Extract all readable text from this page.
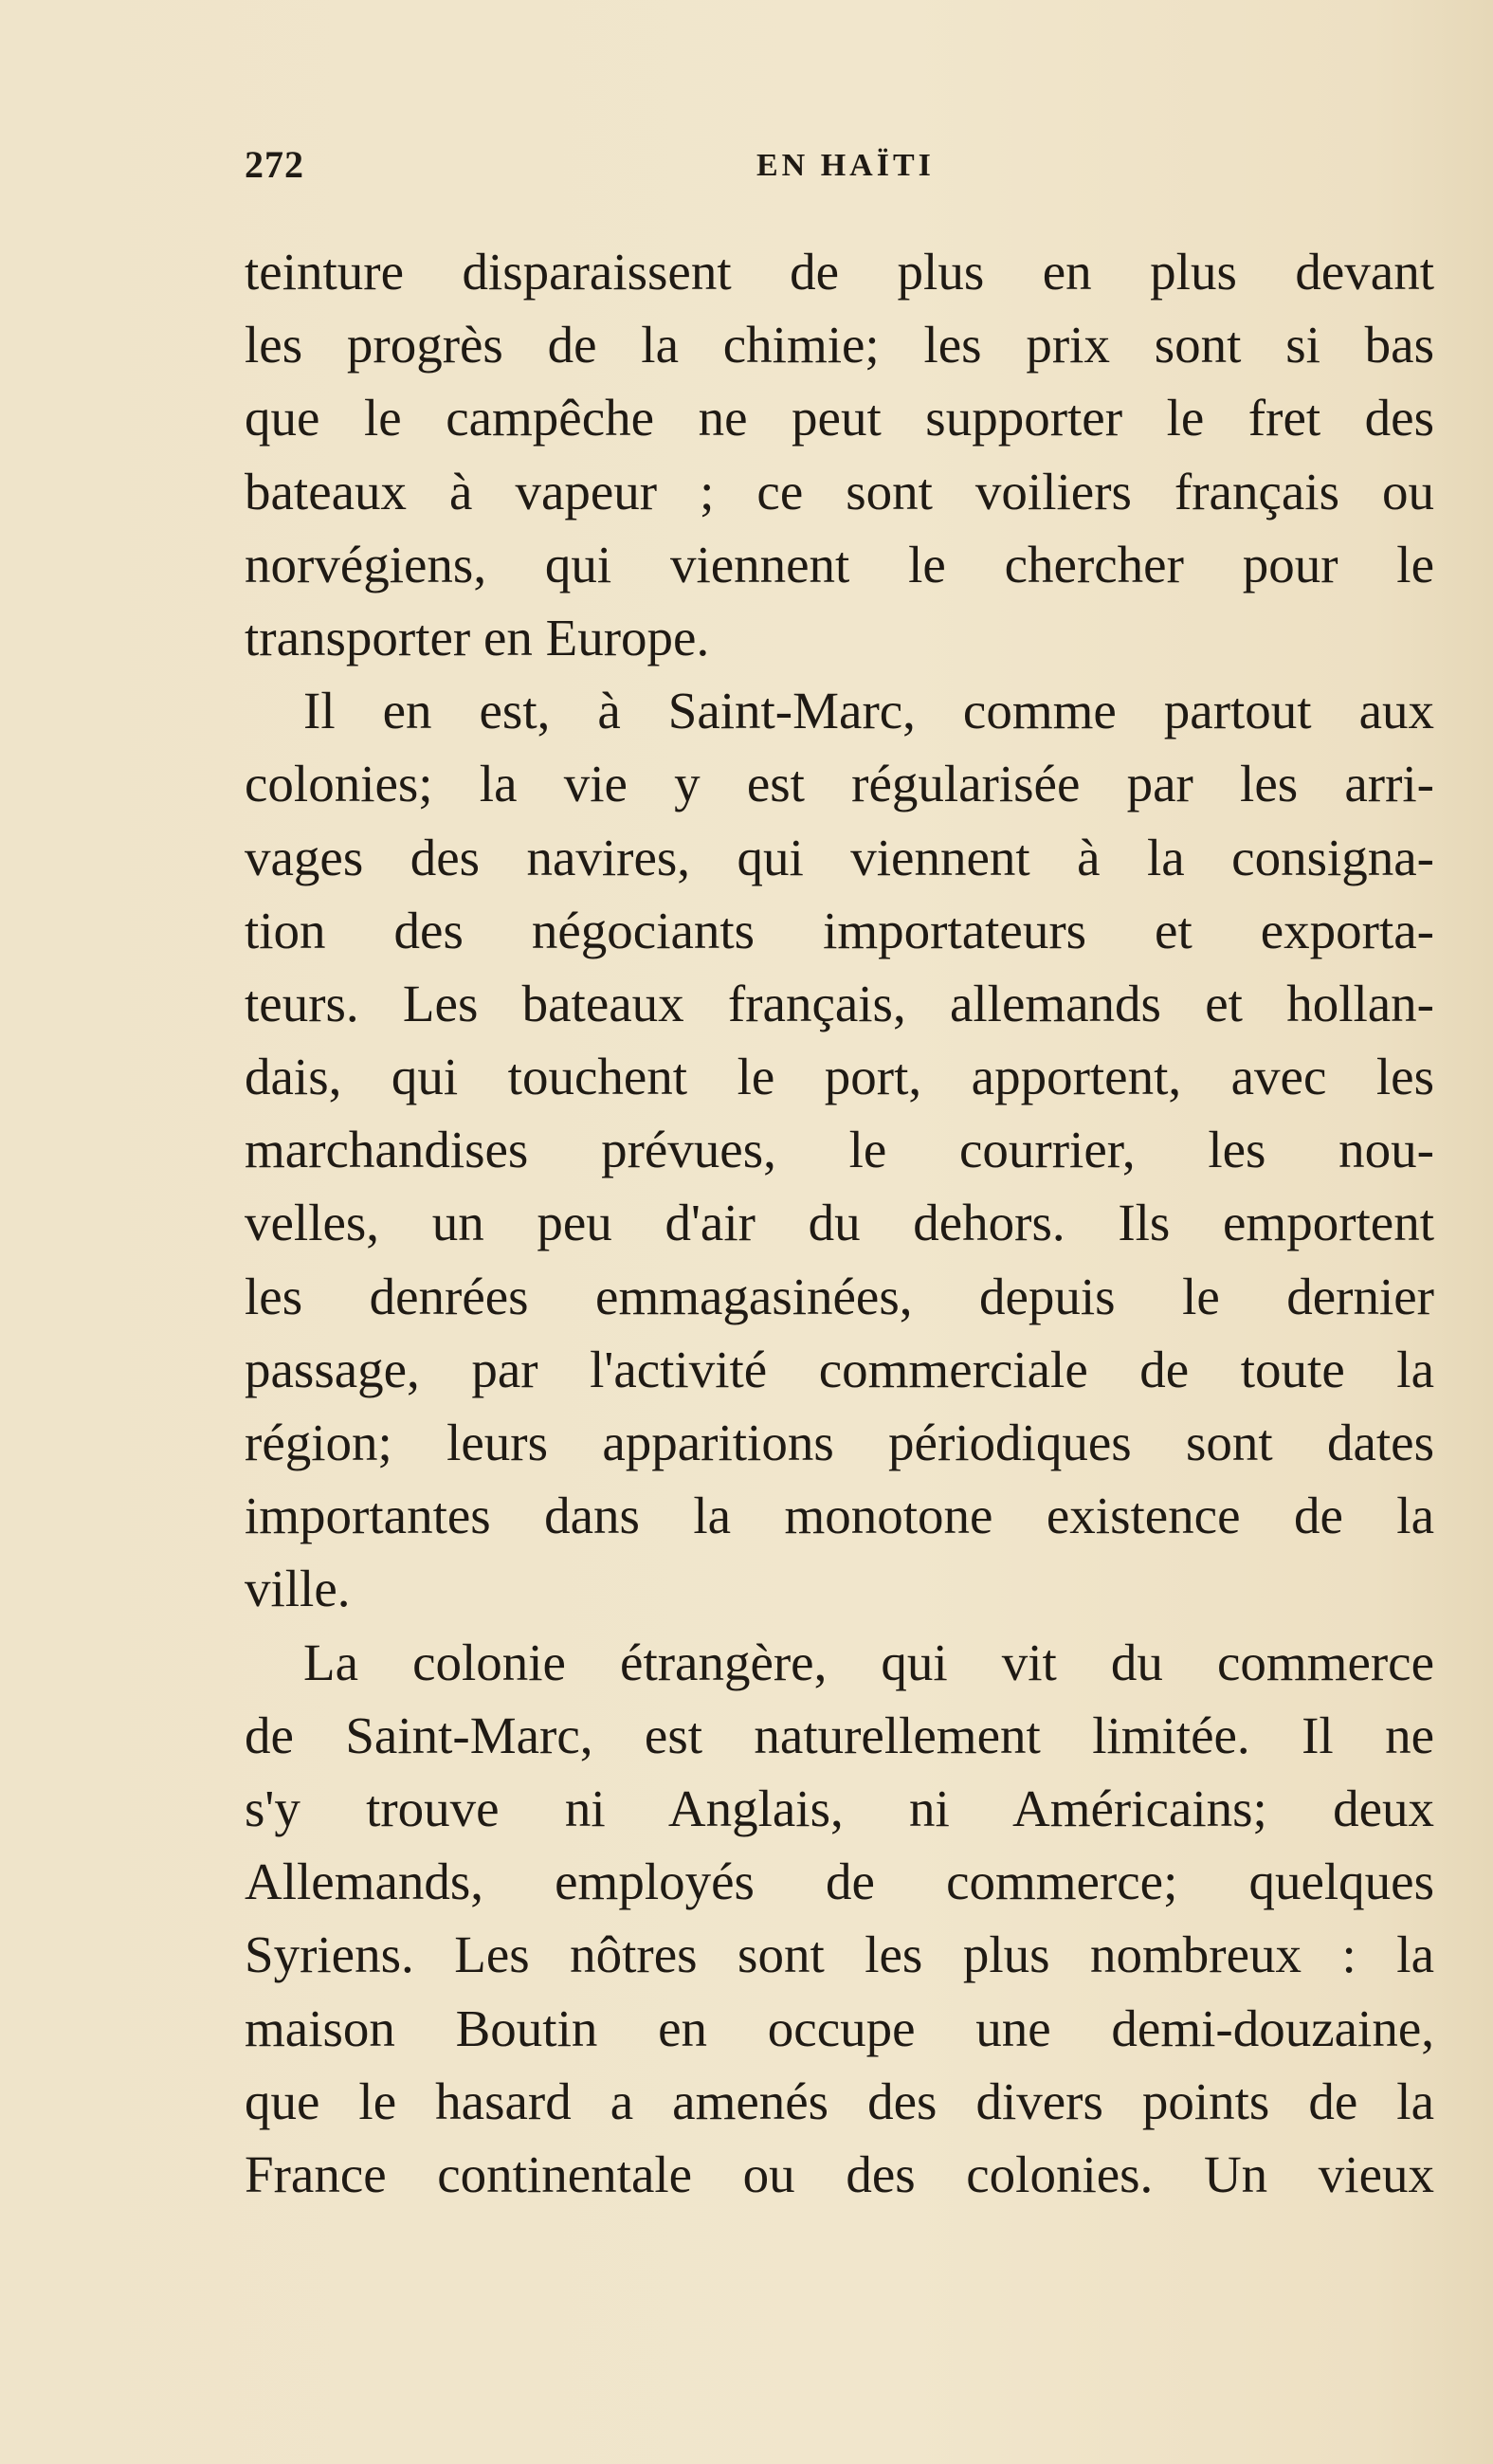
272	EN HAÏTI
teinture disparaissent de plus en plus devant
les progrès de la chimie; les prix sont si bas
que le campêche ne peut supporter le fret des
bateaux à vapeur ; ce sont voiliers français ou
norvégiens, qui viennent le chercher pour le
transporter en Europe.
Il en est, à Saint-Marc, comme partout aux
colonies; la vie y est régularisée par les arri-
vages des navires, qui viennent à la consigna-
tion des négociants importateurs et exporta-
teurs. Les bateaux français, allemands et hollan-
dais, qui touchent le port, apportent, avec les
marchandises prévues, le courrier, les nou-
velles, un peu d'air du dehors. Ils emportent
les denrées emmagasinées, depuis le dernier
passage, par l'activité commerciale de toute la
région; leurs apparitions périodiques sont dates
importantes dans la monotone existence de la
ville.
La colonie étrangère, qui vit du commerce
de Saint-Marc, est naturellement limitée. Il ne
s'y trouve ni Anglais, ni Américains; deux
Allemands, employés de commerce; quelques
Syriens. Les nôtres sont les plus nombreux : la
maison Boutin en occupe une demi-douzaine,
que le hasard a amenés des divers points de la
France continentale ou des colonies. Un vieux
